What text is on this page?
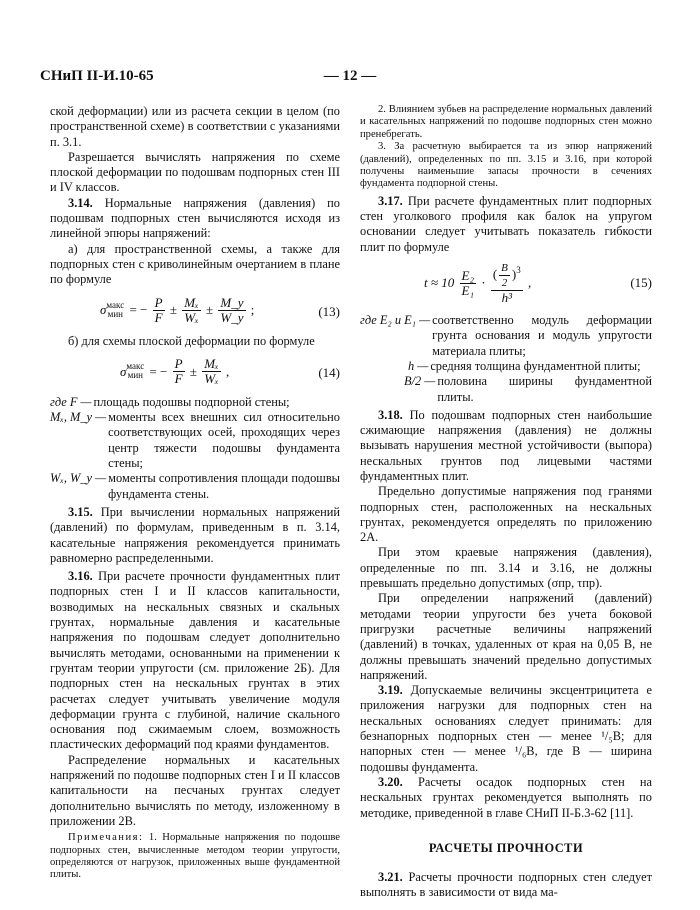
СНиП II-И.10-65	— 12 —

ской деформации) или из расчета секции в целом (по пространственной схеме) в соответствии с указаниями п. 3.1.

Разрешается вычислять напряжения по схеме плоской деформации по подошвам подпорных стен III и IV классов.

3.14. Нормальные напряжения (давления) по подошвам подпорных стен вычисляются исходя из линейной эпюры напряжений:

а) для пространственной схемы, а также для подпорных стен с криволинейным очертанием в плане по формуле

σ макс
мин = − $\frac{P}{F} \pm \frac{\text{Mₓ}}{\text{Wₓ}} \pm \frac{M\_y}{W\_y}$ ;	(13)

б) для схемы плоской деформации по формуле

σ макс
мин = − $\frac{P}{F} \pm \frac{\text{Mₓ}}{\text{Wₓ}}$ ,	(14)
где F — площадь подошвы подпорной стены;
Mₓ, M_y — моменты всех внешних сил относительно соответствующих осей, проходящих через центр тяжести подошвы фундамента стены;
Wₓ, W_y — моменты сопротивления площади подошвы фундамента стены.

3.15. При вычислении нормальных напряжений (давлений) по формулам, приведенным в п. 3.14, касательные напряжения рекомендуется принимать равномерно распределенными.

3.16. При расчете прочности фундаментных плит подпорных стен I и II классов капитальности, возводимых на нескальных связных и скальных грунтах, нормальные давления и касательные напряжения по подошвам следует дополнительно вычислять методами, основанными на применении к грунтам теории упругости (см. приложение 2Б). Для подпорных стен на нескальных грунтах в этих расчетах следует учитывать увеличение модуля деформации грунта с глубиной, наличие скального основания под сжимаемым слоем, возможность пластических деформаций под краями фундаментов.

Распределение нормальных и касательных напряжений по подошве подпорных стен I и II классов капитальности на песчаных грунтах следует дополнительно вычислять по методу, изложенному в приложении 2В.

Примечания: 1. Нормальные напряжения по подошве подпорных стен, вычисленные методом теории упругости, определяются от нагрузок, приложенных выше фундаментной плиты.

2. Влиянием зубьев на распределение нормальных давлений и касательных напряжений по подошве подпорных стен можно пренебрегать.

3. За расчетную выбирается та из эпюр напряжений (давлений), определенных по пп. 3.15 и 3.16, при которой получены наименьшие запасы прочности в сечениях фундамента подпорной стены.

3.17. При расчете фундаментных плит подпорных стен уголкового профиля как балок на упругом основании следует учитывать показатель гибкости плит по формуле

$t \approx 10 \frac{\text{E₂}}{\text{E₁}} \cdot \frac{( \frac{B}{2} )^3}{\text{h³}}$ ,	(15)
где E₂ и E₁ — соответственно модуль деформации грунта основания и модуль упругости материала плиты;
h — средняя толщина фундаментной плиты;
B/2 — половина ширины фундаментной плиты.

3.18. По подошвам подпорных стен наибольшие сжимающие напряжения (давления) не должны вызывать нарушения местной устойчивости (выпора) нескальных грунтов под лицевыми частями фундаментных плит.

Предельно допустимые напряжения под гранями подпорных стен, расположенных на нескальных грунтах, рекомендуется определять по приложению 2А.

При этом краевые напряжения (давления), определенные по пп. 3.14 и 3.16, не должны превышать предельно допустимых (σпр, τпр).

При определении напряжений (давлений) методами теории упругости без учета боковой пригрузки расчетные величины напряжений (давлений) в точках, удаленных от края на 0,05 B, не должны превышать значений предельно допустимых напряжений.

3.19. Допускаемые величины эксцентрицитета e приложения нагрузки для подпорных стен на нескальных основаниях следует принимать: для безнапорных подпорных стен — менее ¹/₅B; для напорных стен — менее ¹/₆B, где B — ширина подошвы фундамента.

3.20. Расчеты осадок подпорных стен на нескальных грунтах рекомендуется выполнять по методике, приведенной в главе СНиП II-Б.3-62 [11].

РАСЧЕТЫ ПРОЧНОСТИ

3.21. Расчеты прочности подпорных стен следует выполнять в зависимости от вида ма-
